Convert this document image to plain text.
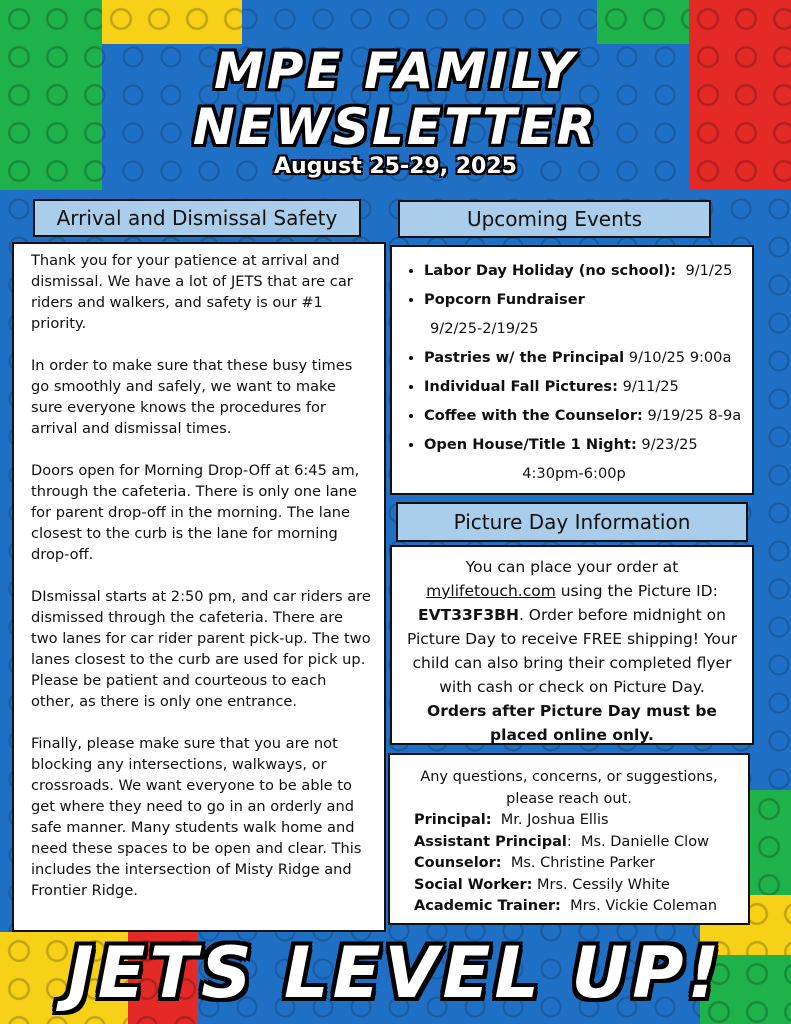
MPE FAMILY
NEWSLETTER
August 25-29, 2025
Arrival and Dismissal Safety	Upcoming Events
Picture Day Information

Thank you for your patience at arrival and dismissal. We have a lot of JETS that are car riders and walkers, and safety is our #1 priority.

In order to make sure that these busy times go smoothly and safely, we want to make sure everyone knows the procedures for arrival and dismissal times.

Doors open for Morning Drop-Off at 6:45 am, through the cafeteria. There is only one lane for parent drop-off in the morning. The lane closest to the curb is the lane for morning drop-off.

DIsmissal starts at 2:50 pm, and car riders are dismissed through the cafeteria. There are two lanes for car rider parent pick-up. The two lanes closest to the curb are used for pick up. Please be patient and courteous to each other, as there is only one entrance.

Finally, please make sure that you are not blocking any intersections, walkways, or crossroads. We want everyone to be able to get where they need to go in an orderly and safe manner. Many students walk home and need these spaces to be open and clear. This includes the intersection of Misty Ridge and Frontier Ridge.

• Labor Day Holiday (no school): 9/1/25
• Popcorn Fundraiser
9/2/25-2/19/25
• Pastries w/ the Principal 9/10/25 9:00a
• Individual Fall Pictures: 9/11/25
• Coffee with the Counselor: 9/19/25 8-9a
• Open House/Title 1 Night: 9/23/25
4:30pm-6:00p
You can place your order at
mylifetouch.com using the Picture ID:
EVT33F3BH. Order before midnight on Picture Day to receive FREE shipping! Your child can also bring their completed flyer with cash or check on Picture Day.
Orders after Picture Day must be placed online only.
Any questions, concerns, or suggestions, please reach out.
Principal:  Mr. Joshua Ellis
Assistant Principal:  Ms. Danielle Clow
Counselor:  Ms. Christine Parker
Social Worker: Mrs. Cessily White
Academic Trainer:  Mrs. Vickie Coleman
JETS LEVEL UP!
